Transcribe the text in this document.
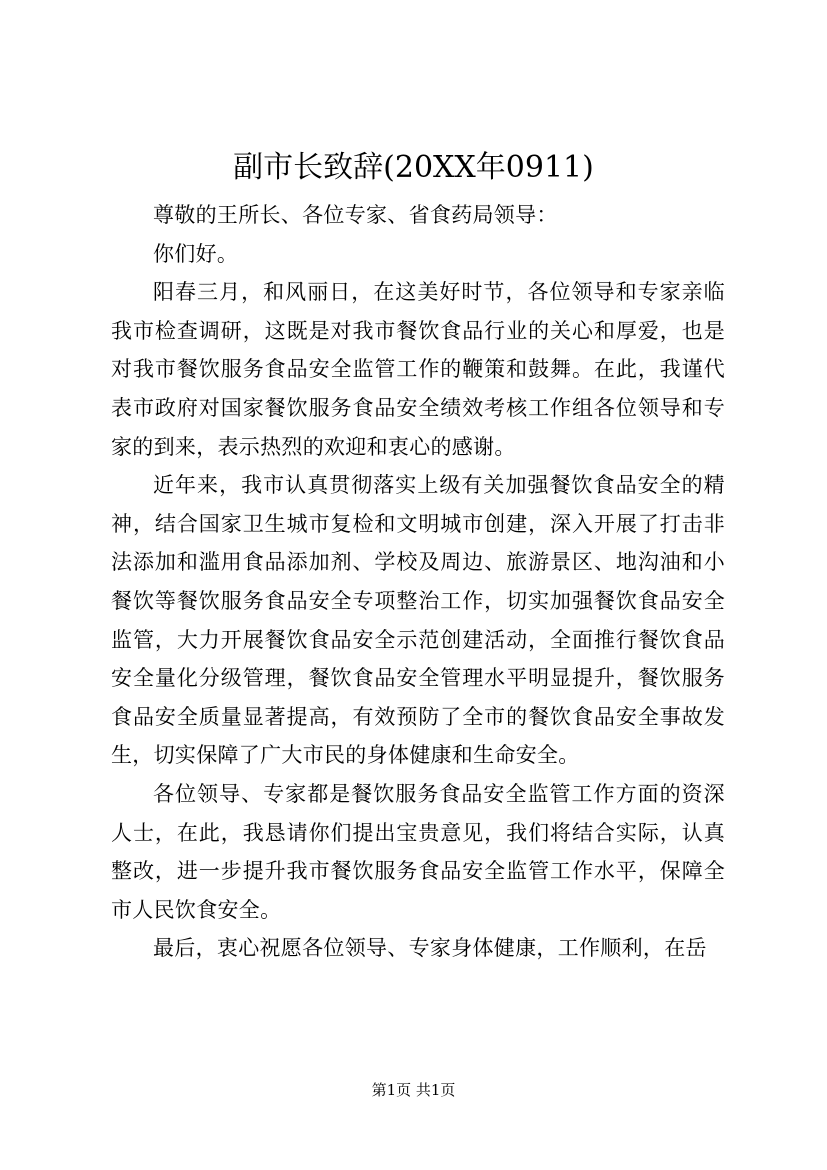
副市长致辞(20XX年0911)

尊敬的王所长、各位专家、省食药局领导：

你们好。

阳春三月，和风丽日，在这美好时节，各位领导和专家亲临我市检查调研，这既是对我市餐饮食品行业的关心和厚爱，也是对我市餐饮服务食品安全监管工作的鞭策和鼓舞。在此，我谨代表市政府对国家餐饮服务食品安全绩效考核工作组各位领导和专家的到来，表示热烈的欢迎和衷心的感谢。

近年来，我市认真贯彻落实上级有关加强餐饮食品安全的精神，结合国家卫生城市复检和文明城市创建，深入开展了打击非法添加和滥用食品添加剂、学校及周边、旅游景区、地沟油和小餐饮等餐饮服务食品安全专项整治工作，切实加强餐饮食品安全监管，大力开展餐饮食品安全示范创建活动，全面推行餐饮食品安全量化分级管理，餐饮食品安全管理水平明显提升，餐饮服务食品安全质量显著提高，有效预防了全市的餐饮食品安全事故发生，切实保障了广大市民的身体健康和生命安全。

各位领导、专家都是餐饮服务食品安全监管工作方面的资深人士，在此，我恳请你们提出宝贵意见，我们将结合实际，认真整改，进一步提升我市餐饮服务食品安全监管工作水平，保障全市人民饮食安全。

最后，衷心祝愿各位领导、专家身体健康，工作顺利，在岳

第1页 共1页
